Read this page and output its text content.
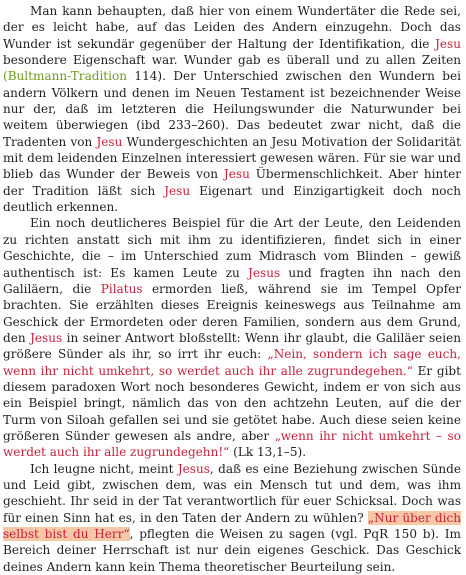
Man kann behaupten, daß hier von einem Wundertäter die Rede sei, der es leicht habe, auf das Leiden des Andern einzugehn. Doch das Wunder ist sekundär gegenüber der Haltung der Identifikation, die Jesu besondere Eigenschaft war. Wunder gab es überall und zu allen Zeiten (Bultmann-Tradition 114). Der Unterschied zwischen den Wundern bei andern Völkern und denen im Neuen Testament ist bezeichnender Weise nur der, daß im letzteren die Heilungswunder die Naturwunder bei weitem überwiegen (ibd 233–260). Das bedeutet zwar nicht, daß die Tradenten von Jesu Wundergeschichten an Jesu Motivation der Solidarität mit dem leidenden Einzelnen interessiert gewesen wären. Für sie war und blieb das Wunder der Beweis von Jesu Übermenschlichkeit. Aber hinter der Tradition läßt sich Jesu Eigenart und Einzigartigkeit doch noch deutlich erkennen.

Ein noch deutlicheres Beispiel für die Art der Leute, den Leidenden zu richten anstatt sich mit ihm zu identifizieren, findet sich in einer Geschichte, die – im Unterschied zum Midrasch vom Blinden – gewiß authentisch ist: Es kamen Leute zu Jesus und fragten ihn nach den Galiläern, die Pilatus ermorden ließ, während sie im Tempel Opfer brachten. Sie erzählten dieses Ereignis keineswegs aus Teilnahme am Geschick der Ermordeten oder deren Familien, sondern aus dem Grund, den Jesus in seiner Antwort bloßstellt: Wenn ihr glaubt, die Galiläer seien größere Sünder als ihr, so irrt ihr euch: „Nein, sondern ich sage euch, wenn ihr nicht umkehrt, so werdet auch ihr alle zugrundegehen.“ Er gibt diesem paradoxen Wort noch besonderes Gewicht, indem er von sich aus ein Beispiel bringt, nämlich das von den achtzehn Leuten, auf die der Turm von Siloah gefallen sei und sie getötet habe. Auch diese seien keine größeren Sünder gewesen als andre, aber „wenn ihr nicht umkehrt – so werdet auch ihr alle zugrundegehn!“ (Lk 13,1–5).

Ich leugne nicht, meint Jesus, daß es eine Beziehung zwischen Sünde und Leid gibt, zwischen dem, was ein Mensch tut und dem, was ihm geschieht. Ihr seid in der Tat verantwortlich für euer Schicksal. Doch was für einen Sinn hat es, in den Taten der Andern zu wühlen? „Nur über dich selbst bist du Herr“, pflegten die Weisen zu sagen (vgl. PqR 150 b). Im Bereich deiner Herrschaft ist nur dein eigenes Geschick. Das Geschick deines Andern kann kein Thema theoretischer Beurteilung sein.
